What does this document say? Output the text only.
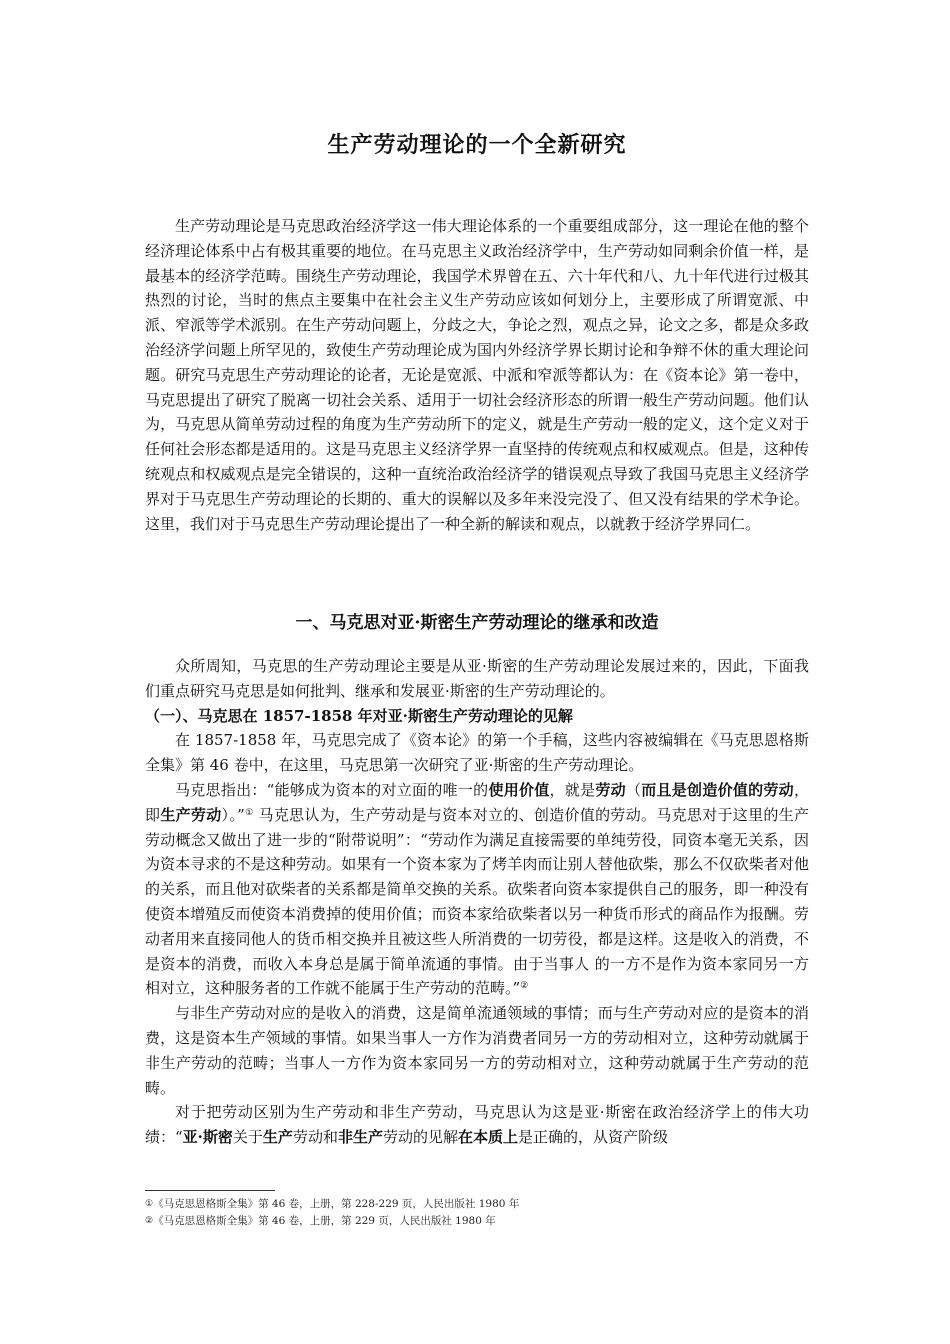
生产劳动理论的一个全新研究

生产劳动理论是马克思政治经济学这一伟大理论体系的一个重要组成部分，这一理论在他的整个经济理论体系中占有极其重要的地位。在马克思主义政治经济学中，生产劳动如同剩余价值一样，是最基本的经济学范畴。围绕生产劳动理论，我国学术界曾在五、六十年代和八、九十年代进行过极其热烈的讨论，当时的焦点主要集中在社会主义生产劳动应该如何划分上，主要形成了所谓宽派、中派、窄派等学术派别。在生产劳动问题上，分歧之大，争论之烈，观点之异，论文之多，都是众多政治经济学问题上所罕见的，致使生产劳动理论成为国内外经济学界长期讨论和争辩不休的重大理论问题。研究马克思生产劳动理论的论者，无论是宽派、中派和窄派等都认为：在《资本论》第一卷中，马克思提出了研究了脱离一切社会关系、适用于一切社会经济形态的所谓一般生产劳动问题。他们认为，马克思从简单劳动过程的角度为生产劳动所下的定义，就是生产劳动一般的定义，这个定义对于任何社会形态都是适用的。这是马克思主义经济学界一直坚持的传统观点和权威观点。但是，这种传统观点和权威观点是完全错误的，这种一直统治政治经济学的错误观点导致了我国马克思主义经济学界对于马克思生产劳动理论的长期的、重大的误解以及多年来没完没了、但又没有结果的学术争论。这里，我们对于马克思生产劳动理论提出了一种全新的解读和观点，以就教于经济学界同仁。

一、马克思对亚·斯密生产劳动理论的继承和改造

众所周知，马克思的生产劳动理论主要是从亚·斯密的生产劳动理论发展过来的，因此，下面我们重点研究马克思是如何批判、继承和发展亚·斯密的生产劳动理论的。

（一）、马克思在 1857-1858 年对亚·斯密生产劳动理论的见解

在 1857-1858 年，马克思完成了《资本论》的第一个手稿，这些内容被编辑在《马克思恩格斯全集》第 46 卷中，在这里，马克思第一次研究了亚·斯密的生产劳动理论。

马克思指出：“能够成为资本的对立面的唯一的使用价值，就是劳动（而且是创造价值的劳动，即生产劳动）。”① 马克思认为，生产劳动是与资本对立的、创造价值的劳动。马克思对于这里的生产劳动概念又做出了进一步的“附带说明”：“劳动作为满足直接需要的单纯劳役，同资本毫无关系，因为资本寻求的不是这种劳动。如果有一个资本家为了烤羊肉而让别人替他砍柴，那么不仅砍柴者对他的关系，而且他对砍柴者的关系都是简单交换的关系。砍柴者向资本家提供自己的服务，即一种没有使资本增殖反而使资本消费掉的使用价值；而资本家给砍柴者以另一种货币形式的商品作为报酬。劳动者用来直接同他人的货币相交换并且被这些人所消费的一切劳役，都是这样。这是收入的消费，不是资本的消费，而收入本身总是属于简单流通的事情。由于当事人 的一方不是作为资本家同另一方相对立，这种服务者的工作就不能属于生产劳动的范畴。”②

与非生产劳动对应的是收入的消费，这是简单流通领域的事情；而与生产劳动对应的是资本的消费，这是资本生产领域的事情。如果当事人一方作为消费者同另一方的劳动相对立，这种劳动就属于非生产劳动的范畴；当事人一方作为资本家同另一方的劳动相对立，这种劳动就属于生产劳动的范畴。

对于把劳动区别为生产劳动和非生产劳动，马克思认为这是亚·斯密在政治经济学上的伟大功绩：“亚·斯密关于生产劳动和非生产劳动的见解在本质上是正确的，从资产阶级

①《马克思恩格斯全集》第 46 卷，上册，第 228-229 页，人民出版社 1980 年
②《马克思恩格斯全集》第 46 卷，上册，第 229 页，人民出版社 1980 年
